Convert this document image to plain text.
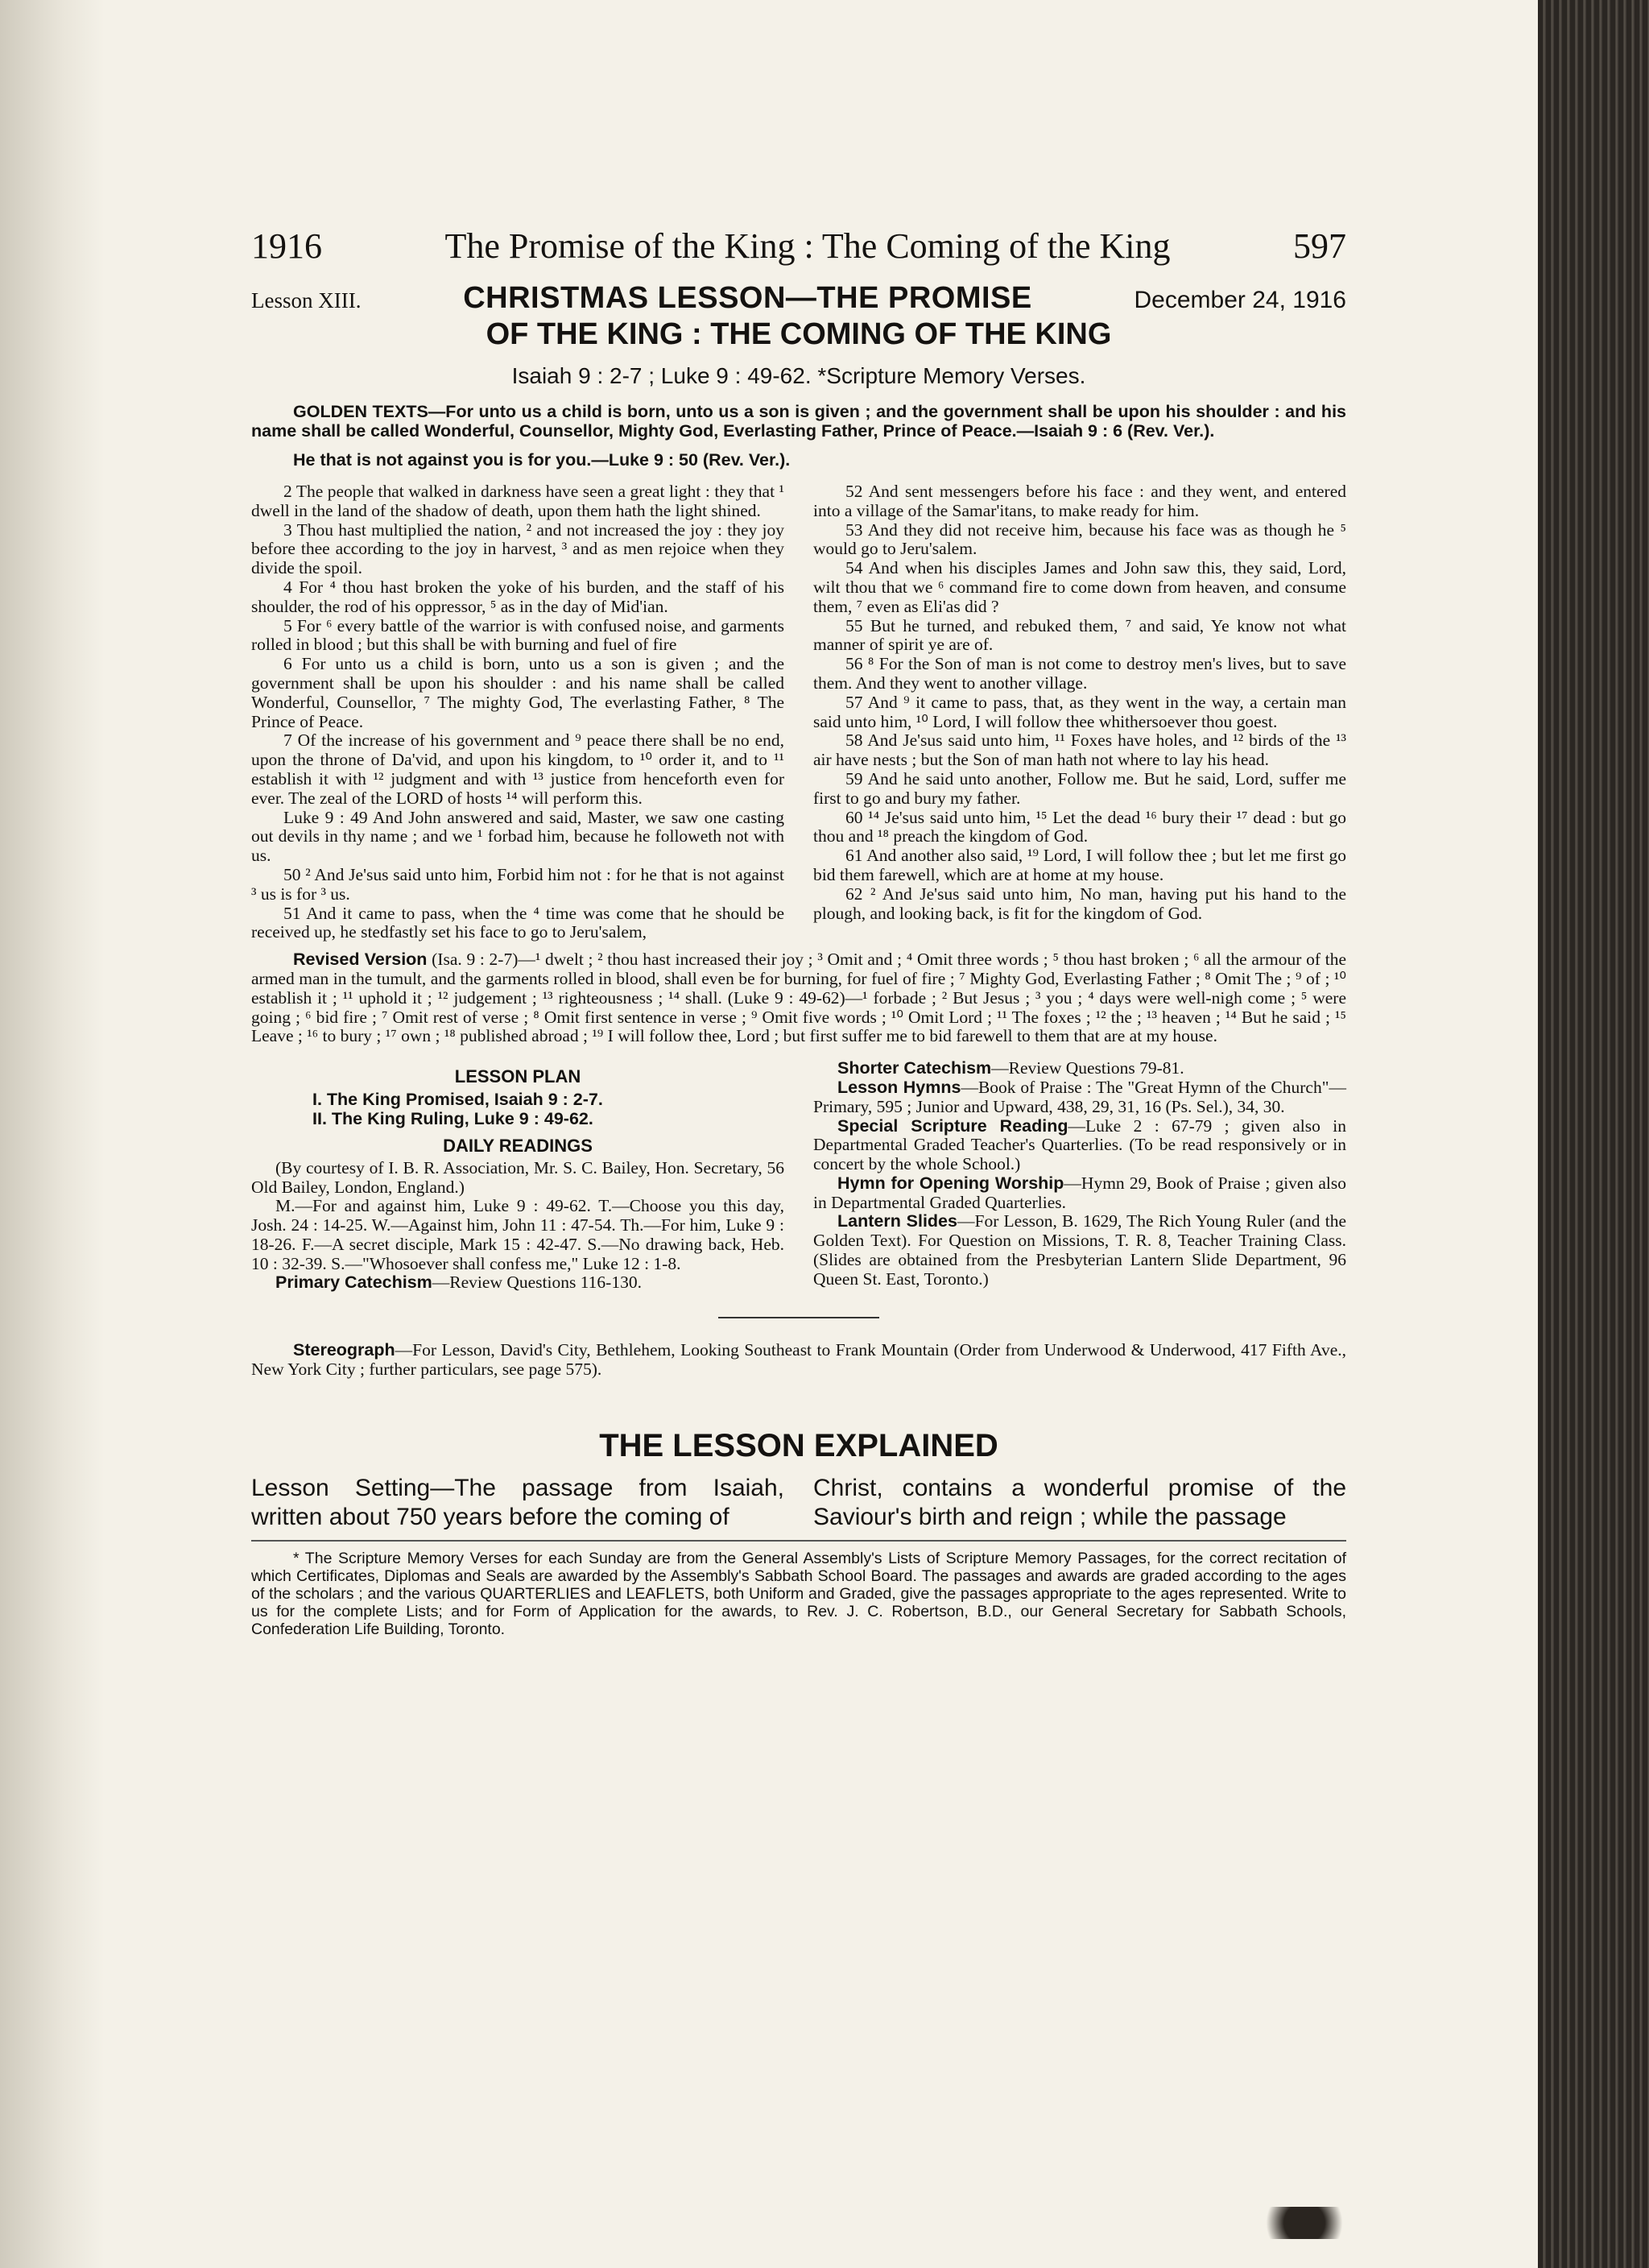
1916	The Promise of the King : The Coming of the King	597
Lesson XIII.	CHRISTMAS LESSON—THE PROMISE	December 24, 1916
OF THE KING : THE COMING OF THE KING
Isaiah 9 : 2-7 ; Luke 9 : 49-62. *Scripture Memory Verses.
GOLDEN TEXTS—For unto us a child is born, unto us a son is given ; and the government shall be upon his shoulder : and his name shall be called Wonderful, Counsellor, Mighty God, Everlasting Father, Prince of Peace.—Isaiah 9 : 6 (Rev. Ver.).
He that is not against you is for you.—Luke 9 : 50 (Rev. Ver.).

2 The people that walked in darkness have seen a great light : they that ¹ dwell in the land of the shadow of death, upon them hath the light shined.

3 Thou hast multiplied the nation, ² and not increased the joy : they joy before thee according to the joy in harvest, ³ and as men rejoice when they divide the spoil.

4 For ⁴ thou hast broken the yoke of his burden, and the staff of his shoulder, the rod of his oppressor, ⁵ as in the day of Mid'ian.

5 For ⁶ every battle of the warrior is with confused noise, and garments rolled in blood ; but this shall be with burning and fuel of fire

6 For unto us a child is born, unto us a son is given ; and the government shall be upon his shoulder : and his name shall be called Wonderful, Counsellor, ⁷ The mighty God, The everlasting Father, ⁸ The Prince of Peace.

7 Of the increase of his government and ⁹ peace there shall be no end, upon the throne of Da'vid, and upon his kingdom, to ¹⁰ order it, and to ¹¹ establish it with ¹² judgment and with ¹³ justice from henceforth even for ever. The zeal of the LORD of hosts ¹⁴ will perform this.

Luke 9 : 49 And John answered and said, Master, we saw one casting out devils in thy name ; and we ¹ forbad him, because he followeth not with us.

50 ² And Je'sus said unto him, Forbid him not : for he that is not against ³ us is for ³ us.

51 And it came to pass, when the ⁴ time was come that he should be received up, he stedfastly set his face to go to Jeru'salem,

52 And sent messengers before his face : and they went, and entered into a village of the Samar'itans, to make ready for him.

53 And they did not receive him, because his face was as though he ⁵ would go to Jeru'salem.

54 And when his disciples James and John saw this, they said, Lord, wilt thou that we ⁶ command fire to come down from heaven, and consume them, ⁷ even as Eli'as did ?

55 But he turned, and rebuked them, ⁷ and said, Ye know not what manner of spirit ye are of.

56 ⁸ For the Son of man is not come to destroy men's lives, but to save them. And they went to another village.

57 And ⁹ it came to pass, that, as they went in the way, a certain man said unto him, ¹⁰ Lord, I will follow thee whithersoever thou goest.

58 And Je'sus said unto him, ¹¹ Foxes have holes, and ¹² birds of the ¹³ air have nests ; but the Son of man hath not where to lay his head.

59 And he said unto another, Follow me. But he said, Lord, suffer me first to go and bury my father.

60 ¹⁴ Je'sus said unto him, ¹⁵ Let the dead ¹⁶ bury their ¹⁷ dead : but go thou and ¹⁸ preach the kingdom of God.

61 And another also said, ¹⁹ Lord, I will follow thee ; but let me first go bid them farewell, which are at home at my house.

62 ² And Je'sus said unto him, No man, having put his hand to the plough, and looking back, is fit for the kingdom of God.

Revised Version (Isa. 9 : 2-7)—¹ dwelt ; ² thou hast increased their joy ; ³ Omit and ; ⁴ Omit three words ; ⁵ thou hast broken ; ⁶ all the armour of the armed man in the tumult, and the garments rolled in blood, shall even be for burning, for fuel of fire ; ⁷ Mighty God, Everlasting Father ; ⁸ Omit The ; ⁹ of ; ¹⁰ establish it ; ¹¹ uphold it ; ¹² judgement ; ¹³ righteousness ; ¹⁴ shall. (Luke 9 : 49-62)—¹ forbade ; ² But Jesus ; ³ you ; ⁴ days were well-nigh come ; ⁵ were going ; ⁶ bid fire ; ⁷ Omit rest of verse ; ⁸ Omit first sentence in verse ; ⁹ Omit five words ; ¹⁰ Omit Lord ; ¹¹ The foxes ; ¹² the ; ¹³ heaven ; ¹⁴ But he said ; ¹⁵ Leave ; ¹⁶ to bury ; ¹⁷ own ; ¹⁸ published abroad ; ¹⁹ I will follow thee, Lord ; but first suffer me to bid farewell to them that are at my house.
LESSON PLAN
I. The King Promised, Isaiah 9 : 2-7.
II. The King Ruling, Luke 9 : 49-62.
DAILY READINGS

(By courtesy of I. B. R. Association, Mr. S. C. Bailey, Hon. Secretary, 56 Old Bailey, London, England.)

M.—For and against him, Luke 9 : 49-62. T.—Choose you this day, Josh. 24 : 14-25. W.—Against him, John 11 : 47-54. Th.—For him, Luke 9 : 18-26. F.—A secret disciple, Mark 15 : 42-47. S.—No drawing back, Heb. 10 : 32-39. S.—"Whosoever shall confess me," Luke 12 : 1-8.

Primary Catechism—Review Questions 116-130.

Shorter Catechism—Review Questions 79-81.

Lesson Hymns—Book of Praise : The "Great Hymn of the Church"—Primary, 595 ; Junior and Upward, 438, 29, 31, 16 (Ps. Sel.), 34, 30.

Special Scripture Reading—Luke 2 : 67-79 ; given also in Departmental Graded Teacher's Quarterlies. (To be read responsively or in concert by the whole School.)

Hymn for Opening Worship—Hymn 29, Book of Praise ; given also in Departmental Graded Quarterlies.

Lantern Slides—For Lesson, B. 1629, The Rich Young Ruler (and the Golden Text). For Question on Missions, T. R. 8, Teacher Training Class. (Slides are obtained from the Presbyterian Lantern Slide Department, 96 Queen St. East, Toronto.)

Stereograph—For Lesson, David's City, Bethlehem, Looking Southeast to Frank Mountain (Order from Underwood & Underwood, 417 Fifth Ave., New York City ; further particulars, see page 575).
THE LESSON EXPLAINED
Lesson Setting—The passage from Isaiah, written about 750 years before the coming of
Christ, contains a wonderful promise of the Saviour's birth and reign ; while the passage
* The Scripture Memory Verses for each Sunday are from the General Assembly's Lists of Scripture Memory Passages, for the correct recitation of which Certificates, Diplomas and Seals are awarded by the Assembly's Sabbath School Board. The passages and awards are graded according to the ages of the scholars ; and the various QUARTERLIES and LEAFLETS, both Uniform and Graded, give the passages appropriate to the ages represented. Write to us for the complete Lists; and for Form of Application for the awards, to Rev. J. C. Robertson, B.D., our General Secretary for Sabbath Schools, Confederation Life Building, Toronto.
